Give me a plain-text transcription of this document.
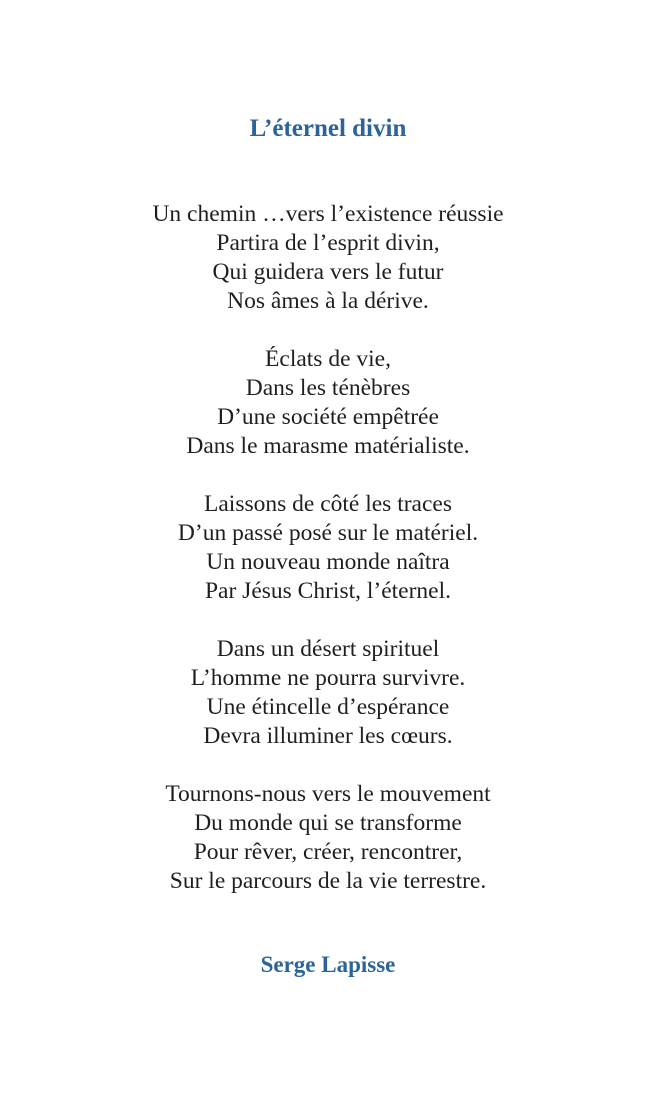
L’éternel divin
Un chemin …vers l’existence réussie
Partira de l’esprit divin,
Qui guidera vers le futur
Nos âmes à la dérive.
Éclats de vie,
Dans les ténèbres
D’une société empêtrée
Dans le marasme matérialiste.
Laissons de côté les traces
D’un passé posé sur le matériel.
Un nouveau monde naîtra
Par Jésus Christ, l’éternel.
Dans un désert spirituel
L’homme ne pourra survivre.
Une étincelle d’espérance
Devra illuminer les cœurs.
Tournons-nous vers le mouvement
Du monde qui se transforme
Pour rêver, créer, rencontrer,
Sur le parcours de la vie terrestre.
Serge Lapisse
